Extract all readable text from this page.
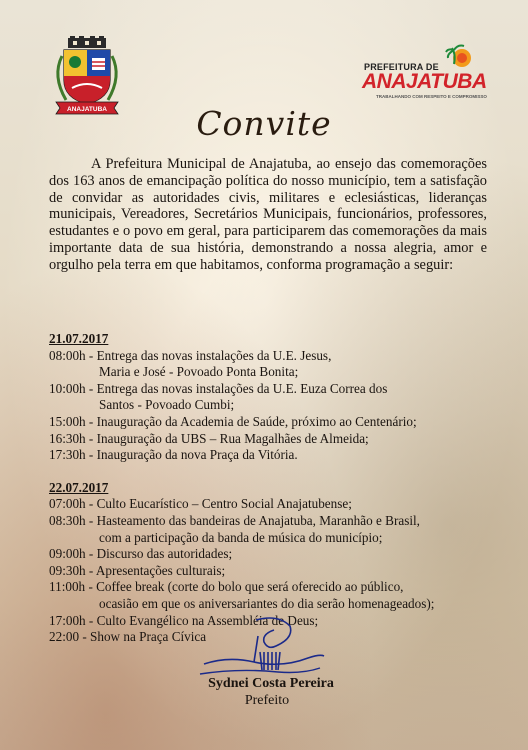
ANAJATUBA
PREFEITURA DE
ANAJATUBA
TRABALHANDO COM RESPEITO E COMPROMISSO
Convite
A Prefeitura Municipal de Anajatuba, ao ensejo das comemorações dos 163 anos de emancipação política do nosso município, tem a satisfação de convidar as autoridades civis, militares e eclesiásticas, lideranças municipais, Vereadores, Secretários Municipais, funcionários, professores, estudantes e o povo em geral, para participarem das comemorações da mais importante data de sua história, demonstrando a nossa alegria, amor e orgulho pela terra em que habitamos, conforma programação a seguir:

21.07.2017

08:00h - Entrega das novas instalações da U.E. Jesus,
Maria e José - Povoado Ponta Bonita;

10:00h - Entrega das novas instalações da U.E. Euza Correa dos
Santos - Povoado Cumbi;

15:00h - Inauguração da Academia de Saúde, próximo ao Centenário;

16:30h - Inauguração da UBS – Rua Magalhães de Almeida;

17:30h - Inauguração da nova Praça da Vitória.

22.07.2017

07:00h - Culto Eucarístico – Centro Social Anajatubense;

08:30h - Hasteamento das bandeiras de Anajatuba, Maranhão e Brasil,
com a participação da banda de música do município;

09:00h - Discurso das autoridades;

09:30h - Apresentações culturais;

11:00h - Coffee break (corte do bolo que será oferecido ao público,
ocasião em que os aniversariantes do dia serão homenageados);

17:00h - Culto Evangélico na Assembléia de Deus;

22:00 - Show na Praça Cívica

Sydnei Costa Pereira
Prefeito
